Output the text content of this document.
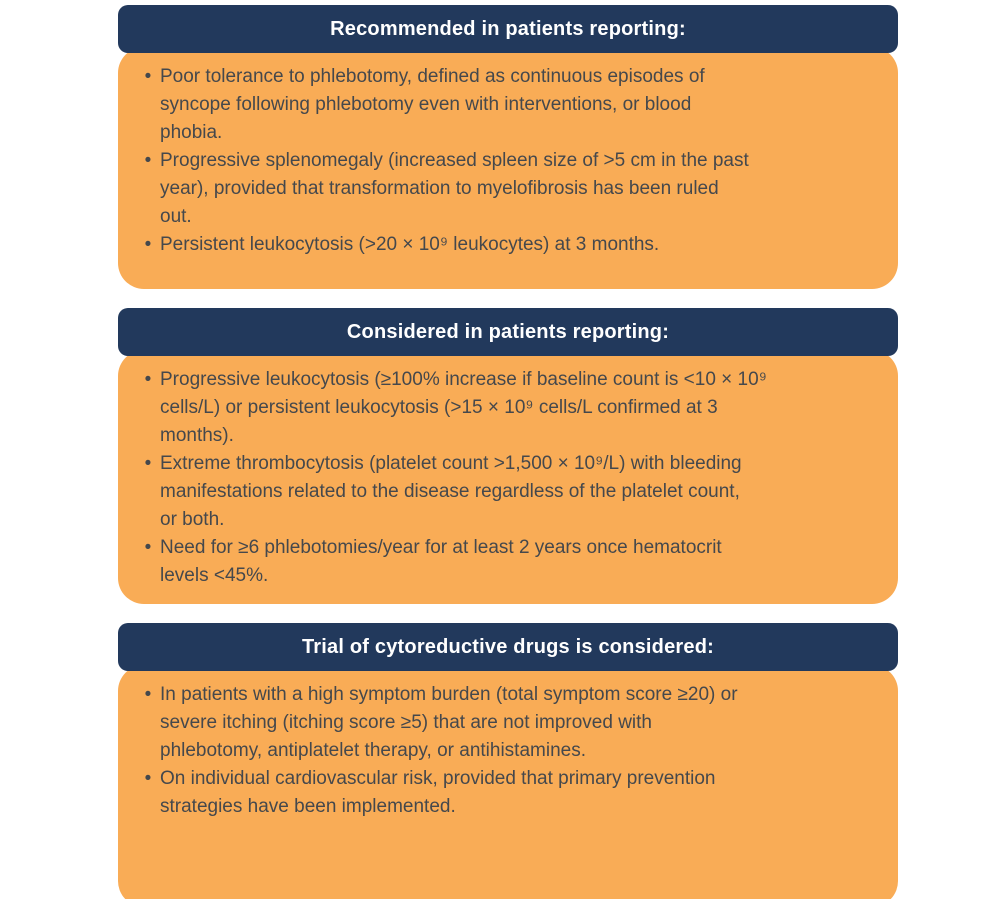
Recommended in patients reporting:
• Poor tolerance to phlebotomy, defined as continuous episodes of
syncope following phlebotomy even with interventions, or blood
phobia.
• Progressive splenomegaly (increased spleen size of >5 cm in the past
year), provided that transformation to myelofibrosis has been ruled
out.
• Persistent leukocytosis (>20 × 10⁹ leukocytes) at 3 months.
Considered in patients reporting:
• Progressive leukocytosis (≥100% increase if baseline count is <10 × 10⁹
cells/L) or persistent leukocytosis (>15 × 10⁹ cells/L confirmed at 3
months).
• Extreme thrombocytosis (platelet count >1,500 × 10⁹/L) with bleeding
manifestations related to the disease regardless of the platelet count,
or both.
• Need for ≥6 phlebotomies/year for at least 2 years once hematocrit
levels <45%.
Trial of cytoreductive drugs is considered:
• In patients with a high symptom burden (total symptom score ≥20) or
severe itching (itching score ≥5) that are not improved with
phlebotomy, antiplatelet therapy, or antihistamines.
• On individual cardiovascular risk, provided that primary prevention
strategies have been implemented.
